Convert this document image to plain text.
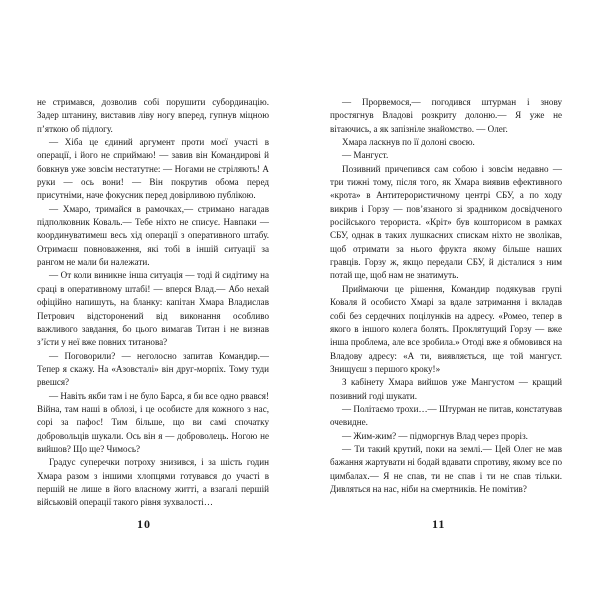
не стримався, дозволив собі порушити субординацію. Задер штанину, виставив ліву ногу вперед, гупнув міцною п’яткою об підлогу.

— Хіба це єдиний аргумент проти моєї участі в операції, і його не сприймаю! — завив він Командирові й бовкнув уже зовсім нестатутне: — Ногами не стріляють! А руки — ось вони! — Він покрутив обома перед присутніми, наче фокусник перед довірливою публікою.

— Хмаро, тримайся в рамочках,— стримано нагадав підполковник Коваль.— Тебе ніхто не списує. Навпаки — координуватимеш весь хід операції з оперативного штабу. Отримаєш повноваження, які тобі в іншій ситуації за рангом не мали би належати.

— От коли виникне інша ситуація — тоді й сидітиму на сраці в оперативному штабі! — вперся Влад.— Або нехай офіційно напишуть, на бланку: капітан Хмара Владислав Петрович відсторонений від виконання особливо важливого завдання, бо цього вимагав Титан і не визнав з’їсти у неї вже повних титанова?

— Поговорили? — неголосно запитав Командир.— Тепер я скажу. На «Азовсталі» він друг-морпіх. Тому туди рвешся?

— Навіть якби там і не було Барса, я би все одно рвався! Війна, там наші в облозі, і це особисте для кожного з нас, сорі за пафос! Тим більше, що ви самі спочатку добровольців шукали. Ось він я — доброволець. Ногою не вийшов? Що ще? Чимось?

Градус суперечки потроху знизився, і за шість годин Хмара разом з іншими хлопцями готувався до участі в першій не лише в його власному житті, а взагалі першій військовій операції такого рівня зухвалості…

10

— Прорвемося,— погодився штурман і знову простягнув Владові розкриту долоню.— Я уже не вітаючись, а як запізніле знайомство. — Олег.

Хмара ласкнув по її долоні своєю.

— Мангуст.

Позивний причепився сам собою і зовсім недавно — три тижні тому, після того, як Хмара виявив ефективного «крота» в Антитерористичному центрі СБУ, а по ходу викрив і Горзу — пов’язаного зі зрадником досвідченого російського терориста. «Кріт» був кошторисом в рамках СБУ, однак в таких лушкасних спискам ніхто не зволікав, щоб отримати за нього фрукта якому більше наших гравців. Горзу ж, якщо передали СБУ, й дісталися з ним потай ще, щоб нам не знатимуть.

Приймаючи це рішення, Командир подякував групі Коваля й особисто Хмарі за вдале затримання і вкладав собі без сердечних поцілунків на адресу. «Ромео, тепер в якого в іншого колега болять. Проклятущий Горзу — вже інша проблема, але все зробила.» Отоді вже я обмовився на Владову адресу: «А ти, виявляється, ще той мангуст. Знищуєш з першого кроку!»

З кабінету Хмара вийшов уже Мангустом — кращий позивний годі шукати.

— Політаємо трохи…— Штурман не питав, констатував очевидне.

— Жим-жим? — підморгнув Влад через проріз.

— Ти такий крутий, поки на землі.— Цей Олег не мав бажання жартувати ні бодай вдавати спротиву, якому все по цимбалах.— Я не спав, ти не спав і ти не спав тільки. Дивляться на нас, ніби на смертників. Не помітив?

11
